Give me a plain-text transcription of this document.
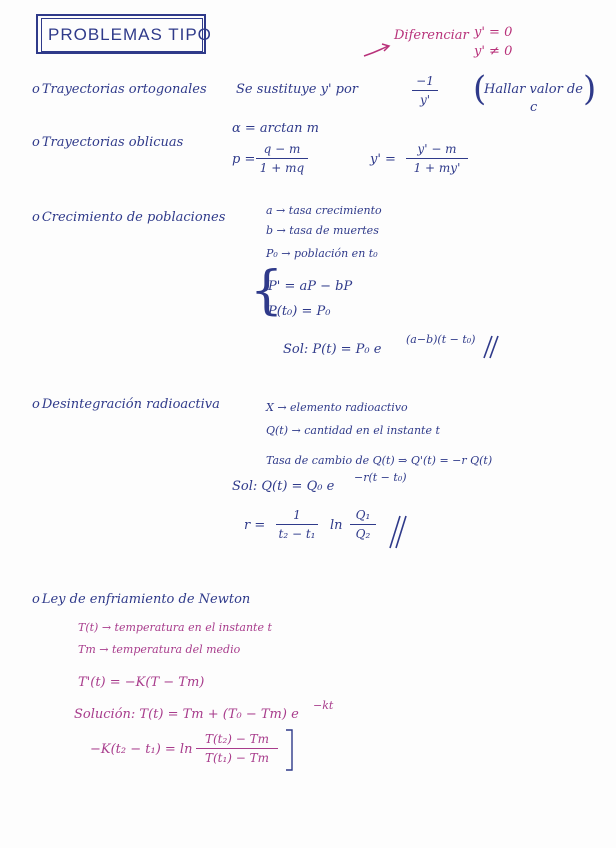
PROBLEMAS TIPO	Diferenciar y' = 0
y' ≠ 0
o Trayectorias ortogonales Se sustituye y' por
−1
y' (
Hallar valor de
c )
o Trayectorias oblicuas
α = arctan m
p =
q − m
1 + mq
y' =
y' − m
1 + my'
o Crecimiento de poblaciones	a → tasa crecimiento
b → tasa de muertes
P₀ → población en t₀
{
P' = aP − bP
P(t₀) = P₀
Sol: P(t) = P₀ e
(a−b)(t − t₀)
o Desintegración radioactiva	X → elemento radioactivo
Q(t) → cantidad en el instante t
Tasa de cambio de Q(t) ⇒ Q'(t) = −r Q(t)
Sol: Q(t) = Q₀ e
−r(t − t₀)
r =
1
t₂ − t₁
ln
Q₁
Q₂
o Ley de enfriamiento de Newton
T(t) → temperatura en el instante t
Tm → temperatura del medio
T'(t) = −K(T − Tm)
Solución: T(t) = Tm + (T₀ − Tm) e
−kt
−K(t₂ − t₁) = ln
T(t₂) − Tm
T(t₁) − Tm
